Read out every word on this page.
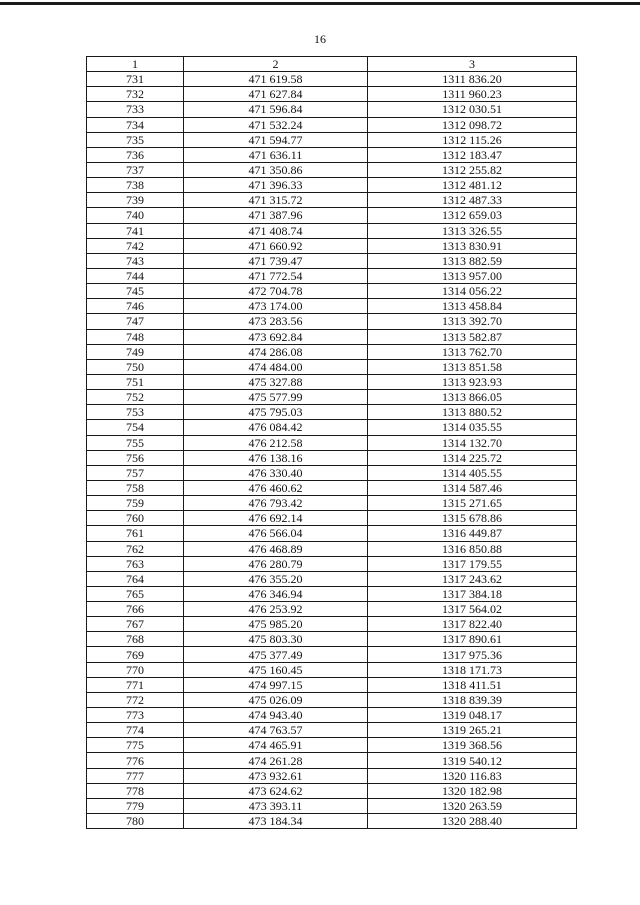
16
1	2	3
731	471 619.58	1311 836.20
732	471 627.84	1311 960.23
733	471 596.84	1312 030.51
734	471 532.24	1312 098.72
735	471 594.77	1312 115.26
736	471 636.11	1312 183.47
737	471 350.86	1312 255.82
738	471 396.33	1312 481.12
739	471 315.72	1312 487.33
740	471 387.96	1312 659.03
741	471 408.74	1313 326.55
742	471 660.92	1313 830.91
743	471 739.47	1313 882.59
744	471 772.54	1313 957.00
745	472 704.78	1314 056.22
746	473 174.00	1313 458.84
747	473 283.56	1313 392.70
748	473 692.84	1313 582.87
749	474 286.08	1313 762.70
750	474 484.00	1313 851.58
751	475 327.88	1313 923.93
752	475 577.99	1313 866.05
753	475 795.03	1313 880.52
754	476 084.42	1314 035.55
755	476 212.58	1314 132.70
756	476 138.16	1314 225.72
757	476 330.40	1314 405.55
758	476 460.62	1314 587.46
759	476 793.42	1315 271.65
760	476 692.14	1315 678.86
761	476 566.04	1316 449.87
762	476 468.89	1316 850.88
763	476 280.79	1317 179.55
764	476 355.20	1317 243.62
765	476 346.94	1317 384.18
766	476 253.92	1317 564.02
767	475 985.20	1317 822.40
768	475 803.30	1317 890.61
769	475 377.49	1317 975.36
770	475 160.45	1318 171.73
771	474 997.15	1318 411.51
772	475 026.09	1318 839.39
773	474 943.40	1319 048.17
774	474 763.57	1319 265.21
775	474 465.91	1319 368.56
776	474 261.28	1319 540.12
777	473 932.61	1320 116.83
778	473 624.62	1320 182.98
779	473 393.11	1320 263.59
780	473 184.34	1320 288.40
